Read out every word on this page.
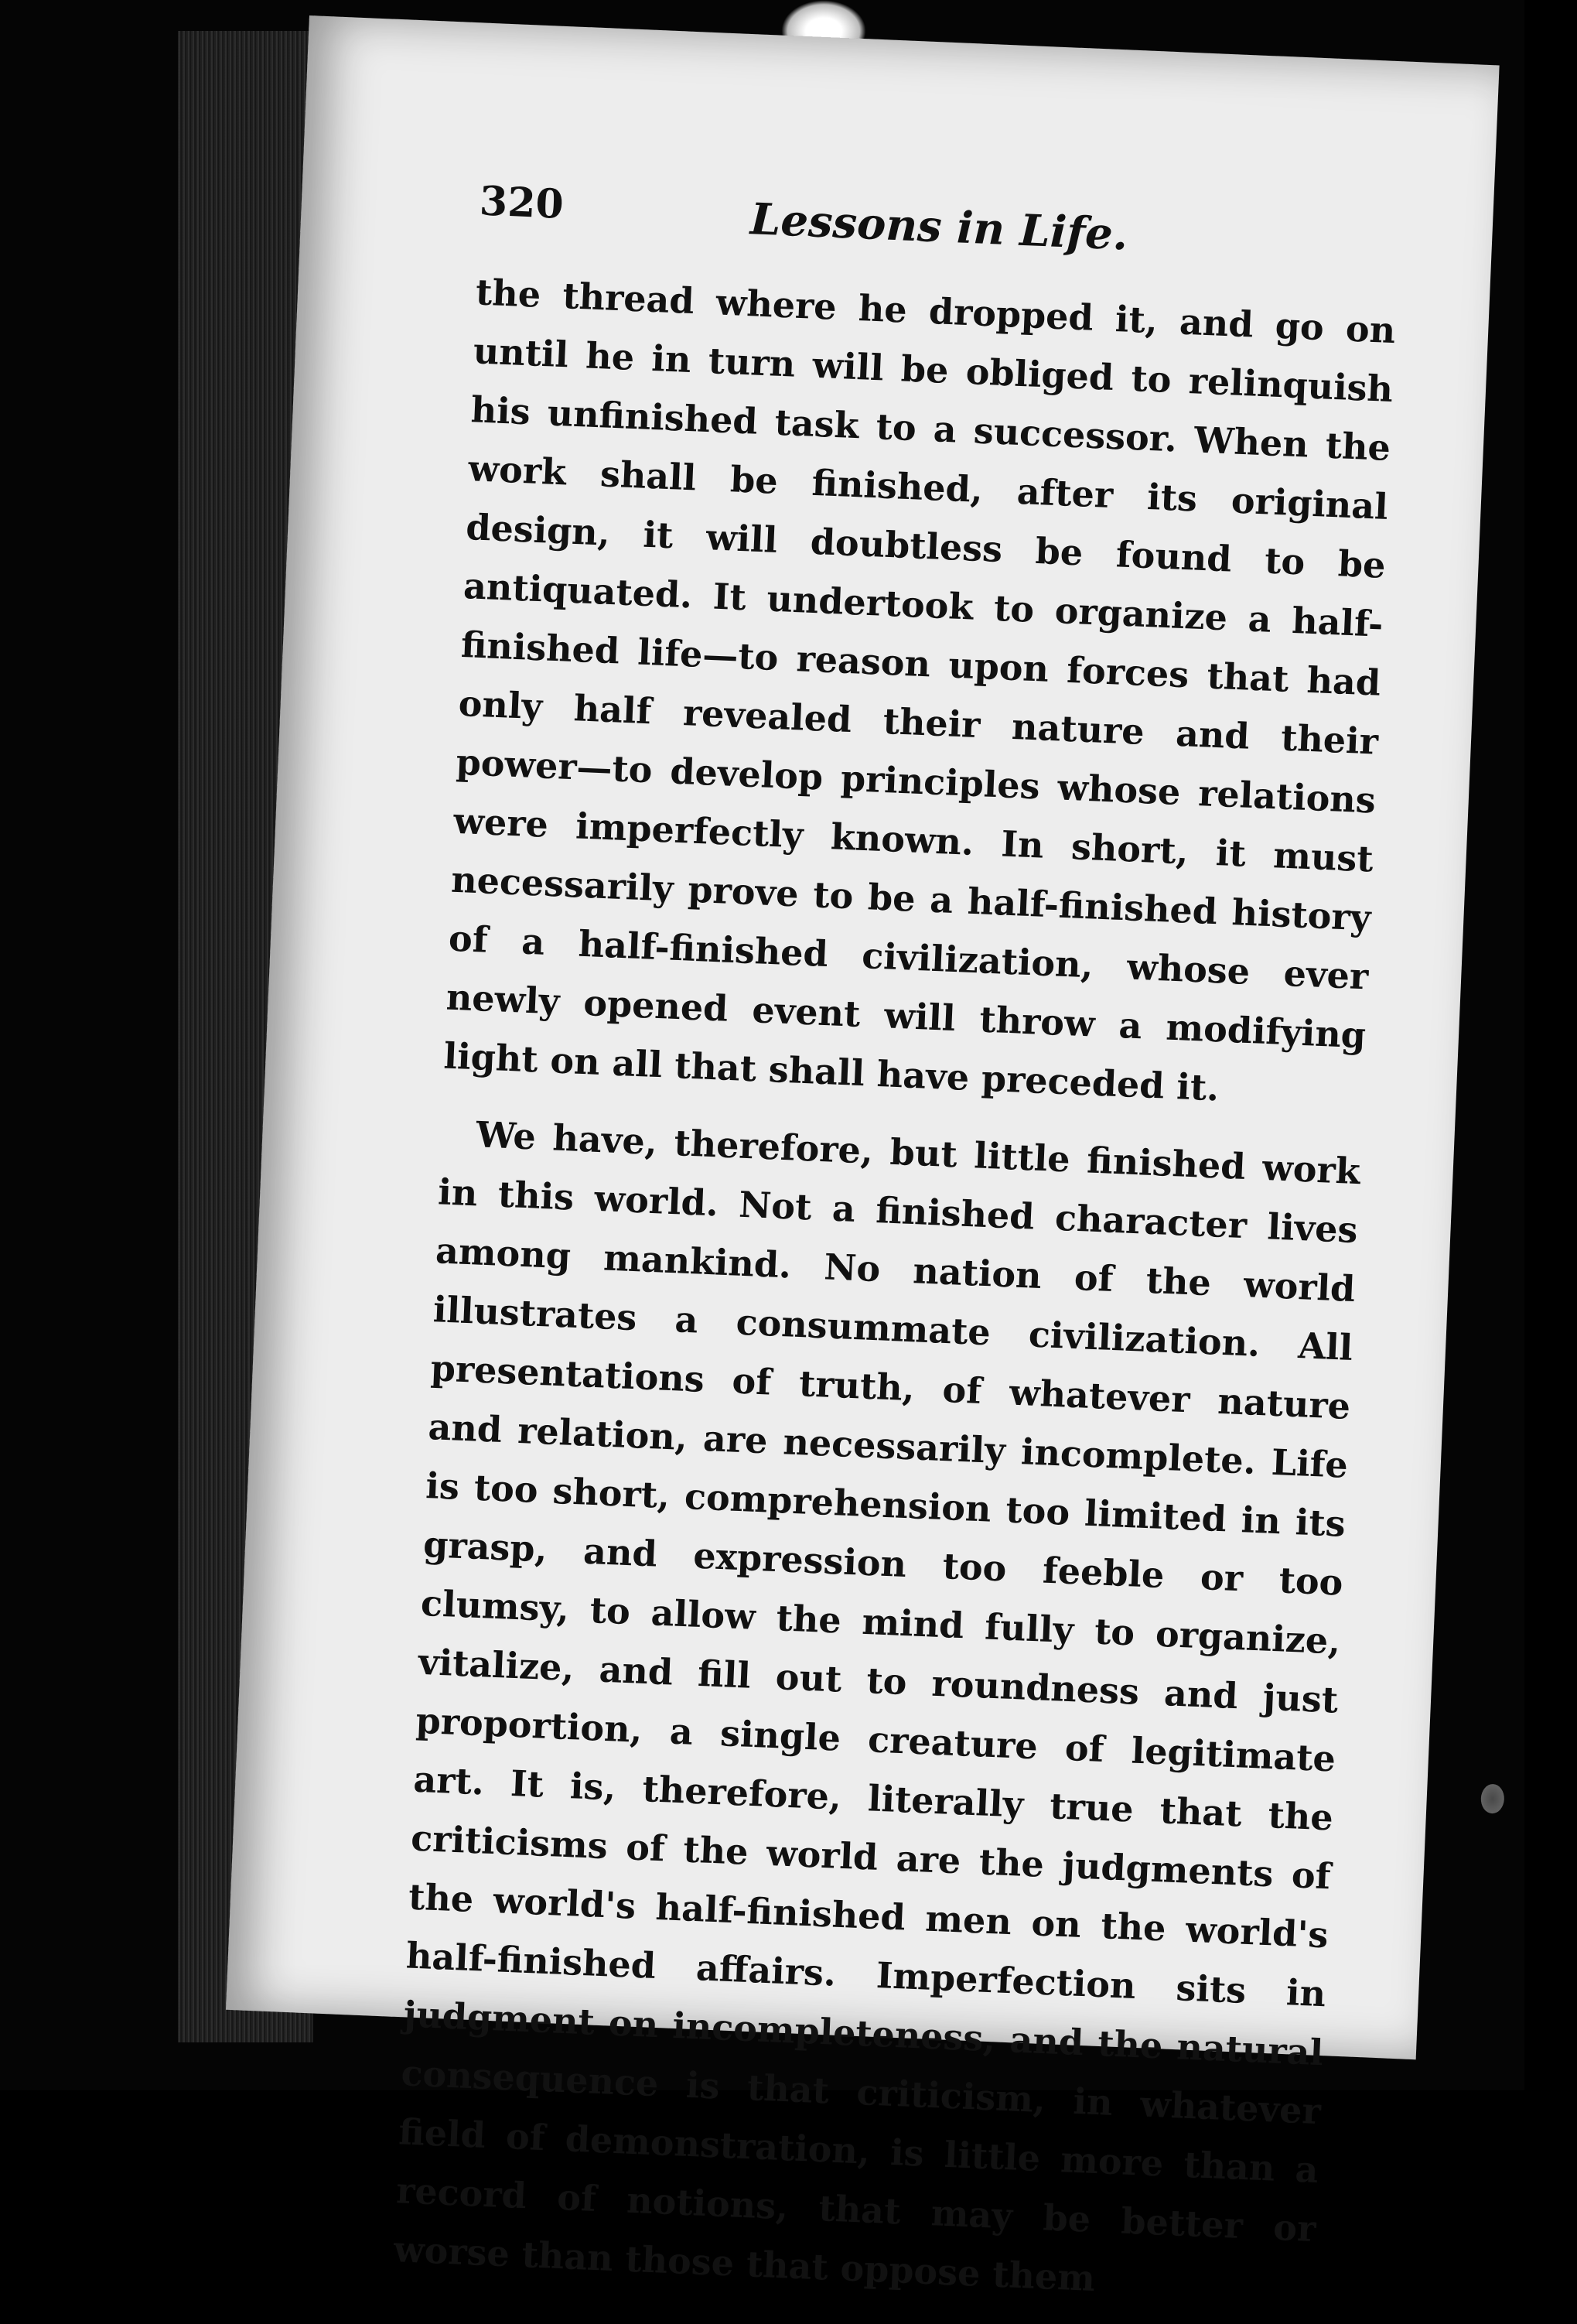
320	Lessons in Life.

the thread where he dropped it, and go on until he in turn will be obliged to relinquish his unfinished task to a successor. When the work shall be finished, after its original design, it will doubtless be found to be antiquated. It undertook to organize a half-finished life—to reason upon forces that had only half revealed their nature and their power—to develop principles whose relations were imperfectly known. In short, it must necessarily prove to be a half-finished history of a half-finished civilization, whose ever newly opened event will throw a modifying light on all that shall have preceded it.

We have, therefore, but little finished work in this world. Not a finished character lives among mankind. No nation of the world illustrates a consummate civilization. All presentations of truth, of whatever nature and relation, are necessarily incomplete. Life is too short, comprehension too limited in its grasp, and expression too feeble or too clumsy, to allow the mind fully to organize, vitalize, and fill out to roundness and just proportion, a single creature of legitimate art. It is, therefore, literally true that the criticisms of the world are the judgments of the world's half-finished men on the world's half-finished affairs. Imperfection sits in judgment on incompleteness, and the natural consequence is that criticism, in whatever field of demonstration, is little more than a record of notions, that may be better or worse than those that oppose them
